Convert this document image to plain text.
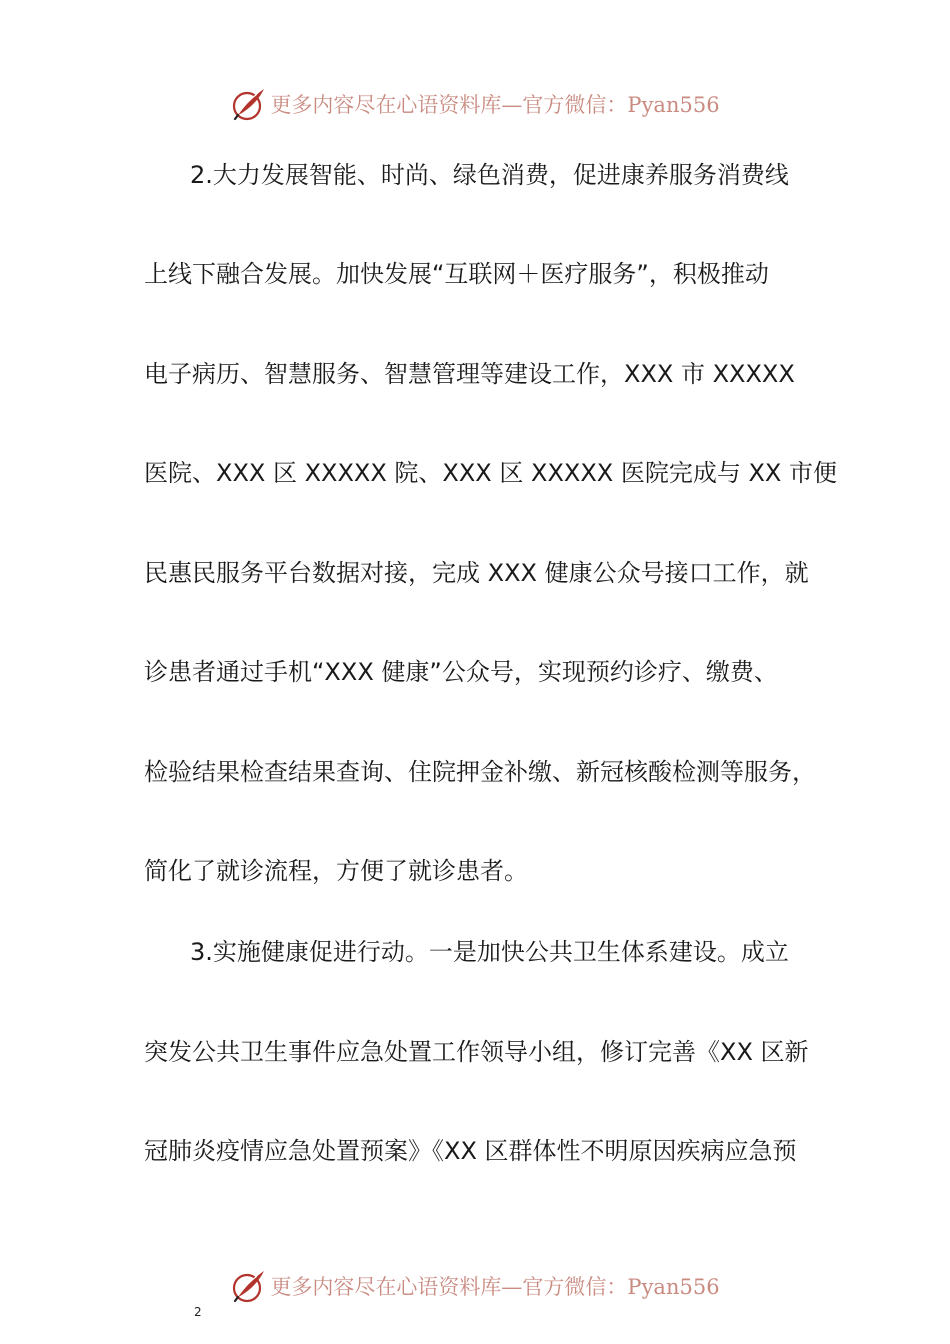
更多内容尽在心语资料库—官方微信：Pyan556
2.大力发展智能、时尚、绿色消费，促进康养服务消费线
上线下融合发展。加快发展“互联网＋医疗服务”，积极推动
电子病历、智慧服务、智慧管理等建设工作，XXX 市 XXXXX
医院、XXX 区 XXXXX 院、XXX 区 XXXXX 医院完成与 XX 市便
民惠民服务平台数据对接，完成 XXX 健康公众号接口工作，就
诊患者通过手机“XXX 健康”公众号，实现预约诊疗、缴费、
检验结果检查结果查询、住院押金补缴、新冠核酸检测等服务，
简化了就诊流程，方便了就诊患者。
3.实施健康促进行动。一是加快公共卫生体系建设。成立
突发公共卫生事件应急处置工作领导小组，修订完善《XX 区新
冠肺炎疫情应急处置预案》《XX 区群体性不明原因疾病应急预
更多内容尽在心语资料库—官方微信：Pyan556
2
